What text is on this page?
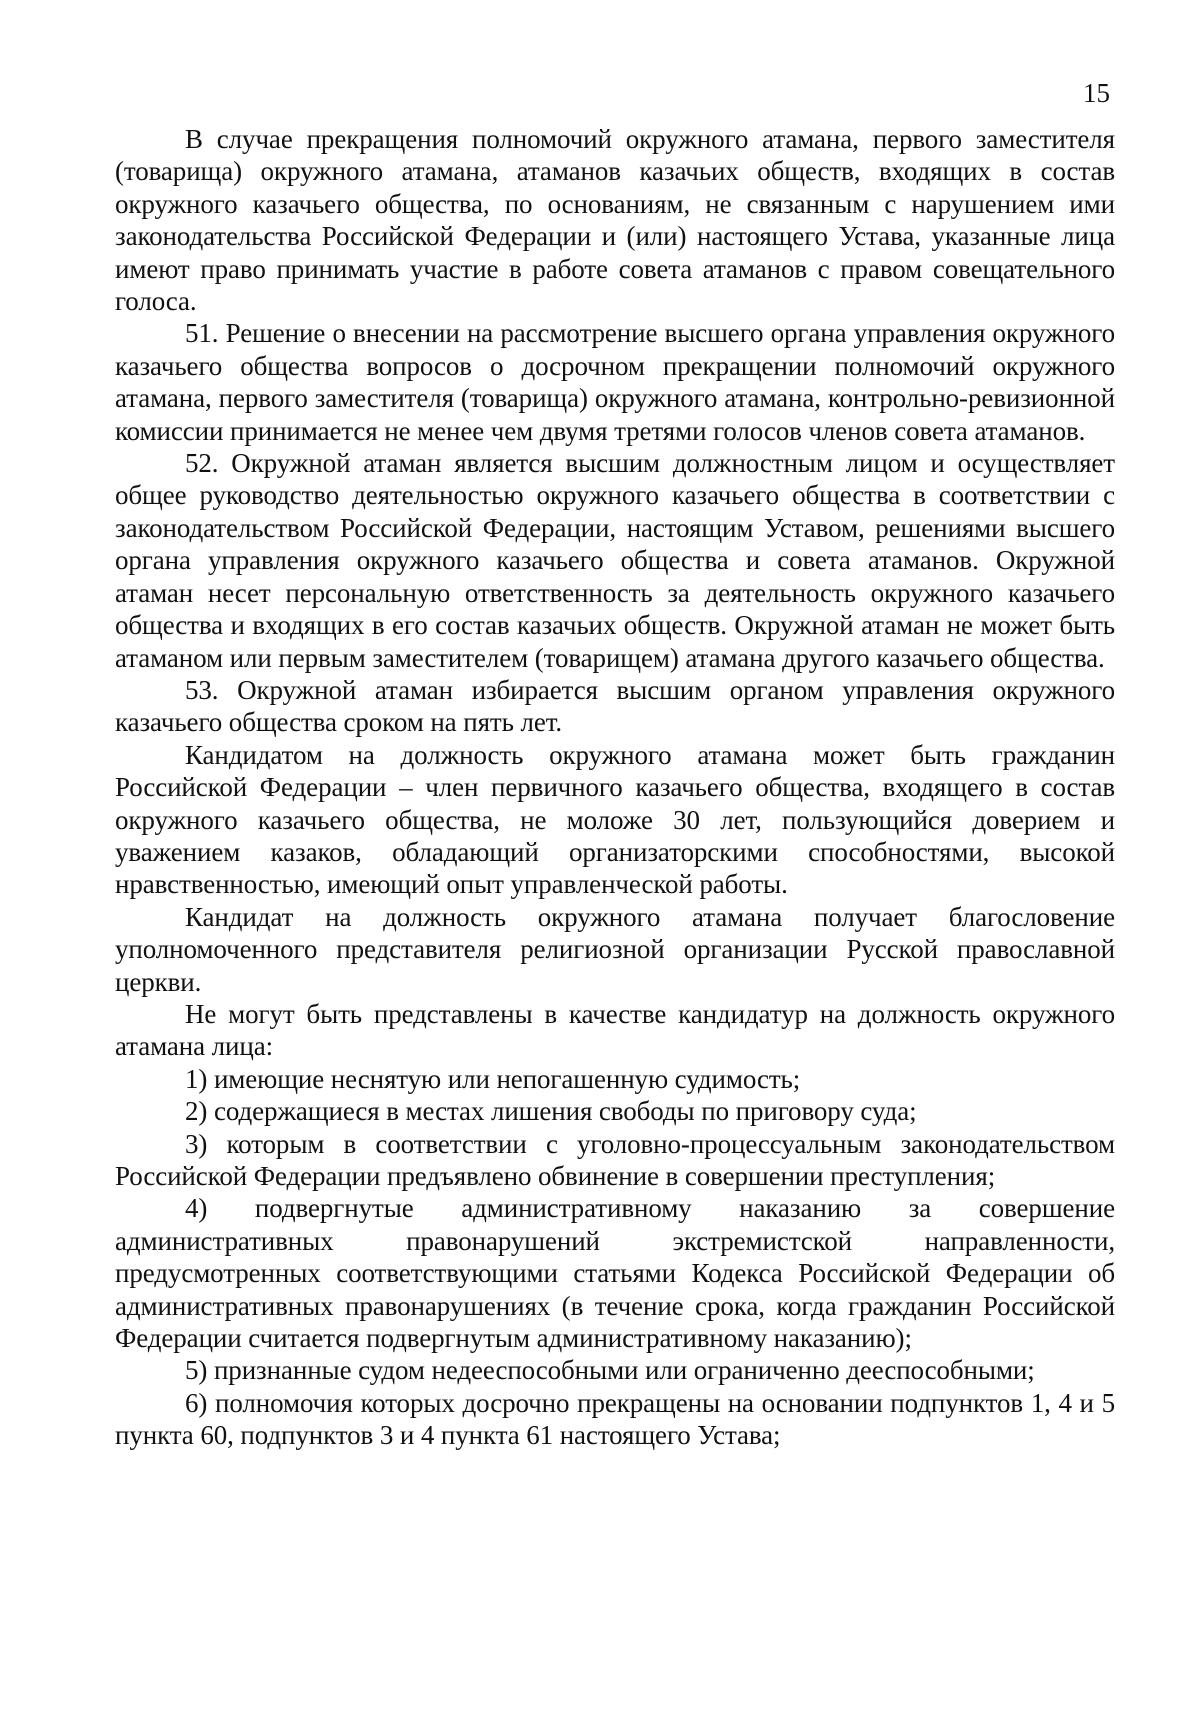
15

В случае прекращения полномочий окружного атамана, первого заместителя (товарища) окружного атамана, атаманов казачьих обществ, входящих в состав окружного казачьего общества, по основаниям, не связанным с нарушением ими законодательства Российской Федерации и (или) настоящего Устава, указанные лица имеют право принимать участие в работе совета атаманов с правом совещательного голоса.

51. Решение о внесении на рассмотрение высшего органа управления окружного казачьего общества вопросов о досрочном прекращении полномочий окружного атамана, первого заместителя (товарища) окружного атамана, контрольно-ревизионной комиссии принимается не менее чем двумя третями голосов членов совета атаманов.

52. Окружной атаман является высшим должностным лицом и осуществляет общее руководство деятельностью окружного казачьего общества в соответствии с законодательством Российской Федерации, настоящим Уставом, решениями высшего органа управления окружного казачьего общества и совета атаманов. Окружной атаман несет персональную ответственность за деятельность окружного казачьего общества и входящих в его состав казачьих обществ. Окружной атаман не может быть атаманом или первым заместителем (товарищем) атамана другого казачьего общества.

53. Окружной атаман избирается высшим органом управления окружного казачьего общества сроком на пять лет.

Кандидатом на должность окружного атамана может быть гражданин Российской Федерации – член первичного казачьего общества, входящего в состав окружного казачьего общества, не моложе 30 лет, пользующийся доверием и уважением казаков, обладающий организаторскими способностями, высокой нравственностью, имеющий опыт управленческой работы.

Кандидат на должность окружного атамана получает благословение уполномоченного представителя религиозной организации Русской православной церкви.

Не могут быть представлены в качестве кандидатур на должность окружного атамана лица:

1) имеющие неснятую или непогашенную судимость;

2) содержащиеся в местах лишения свободы по приговору суда;

3) которым в соответствии с уголовно-процессуальным законодательством Российской Федерации предъявлено обвинение в совершении преступления;

4) подвергнутые административному наказанию за совершение административных правонарушений экстремистской направленности, предусмотренных соответствующими статьями Кодекса Российской Федерации об административных правонарушениях (в течение срока, когда гражданин Российской Федерации считается подвергнутым административному наказанию);

5) признанные судом недееспособными или ограниченно дееспособными;

6) полномочия которых досрочно прекращены на основании подпунктов 1, 4 и 5 пункта 60, подпунктов 3 и 4 пункта 61 настоящего Устава;
